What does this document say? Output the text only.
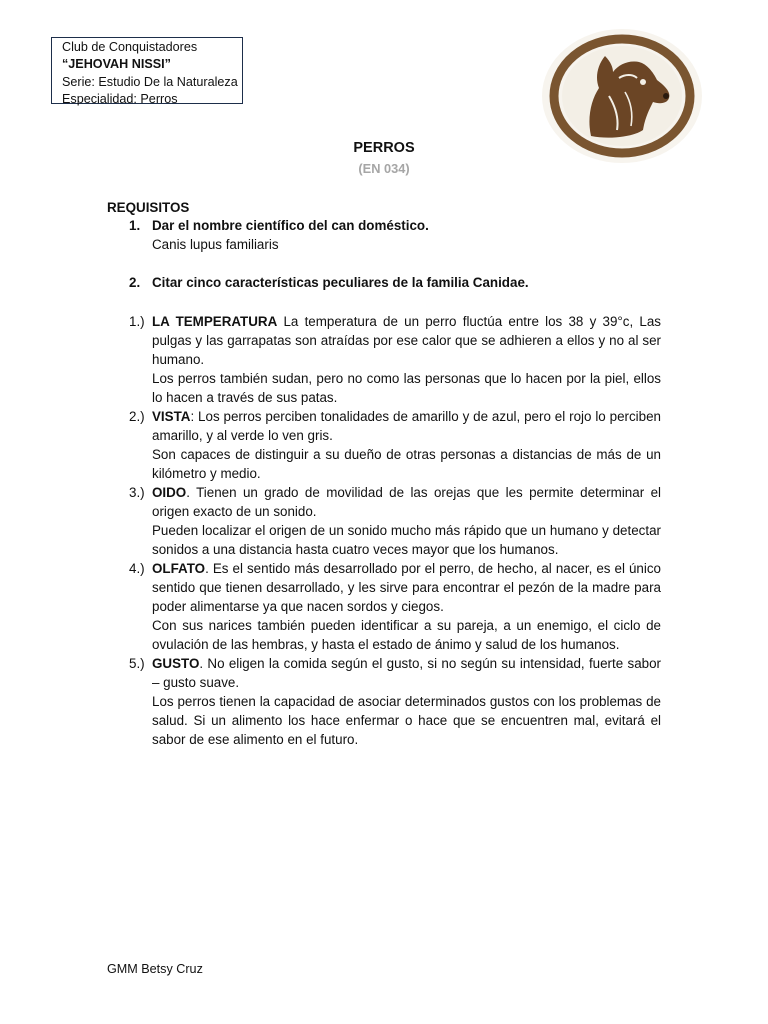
Club de Conquistadores
“JEHOVAH NISSI”
Serie: Estudio De la Naturaleza
Especialidad: Perros
PERROS
(EN 034)
REQUISITOS
1. Dar el nombre científico del can doméstico.
Canis lupus familiaris
2. Citar cinco características peculiares de la familia Canidae.
1.) LA TEMPERATURA La temperatura de un perro fluctúa entre los 38 y 39°c, Las pulgas y las garrapatas son atraídas por ese calor que se adhieren a ellos y no al ser humano.

Los perros también sudan, pero no como las personas que lo hacen por la piel, ellos lo hacen a través de sus patas.

2.) VISTA: Los perros perciben tonalidades de amarillo y de azul, pero el rojo lo perciben amarillo, y al verde lo ven gris.

Son capaces de distinguir a su dueño de otras personas a distancias de más de un kilómetro y medio.

3.) OIDO. Tienen un grado de movilidad de las orejas que les permite determinar el origen exacto de un sonido.

Pueden localizar el origen de un sonido mucho más rápido que un humano y detectar sonidos a una distancia hasta cuatro veces mayor que los humanos.

4.) OLFATO. Es el sentido más desarrollado por el perro, de hecho, al nacer, es el único sentido que tienen desarrollado, y les sirve para encontrar el pezón de la madre para poder alimentarse ya que nacen sordos y ciegos.

Con sus narices también pueden identificar a su pareja, a un enemigo, el ciclo de ovulación de las hembras, y hasta el estado de ánimo y salud de los humanos.

5.) GUSTO. No eligen la comida según el gusto, si no según su intensidad, fuerte sabor – gusto suave.

Los perros tienen la capacidad de asociar determinados gustos con los problemas de salud. Si un alimento los hace enfermar o hace que se encuentren mal, evitará el sabor de ese alimento en el futuro.

GMM Betsy Cruz
